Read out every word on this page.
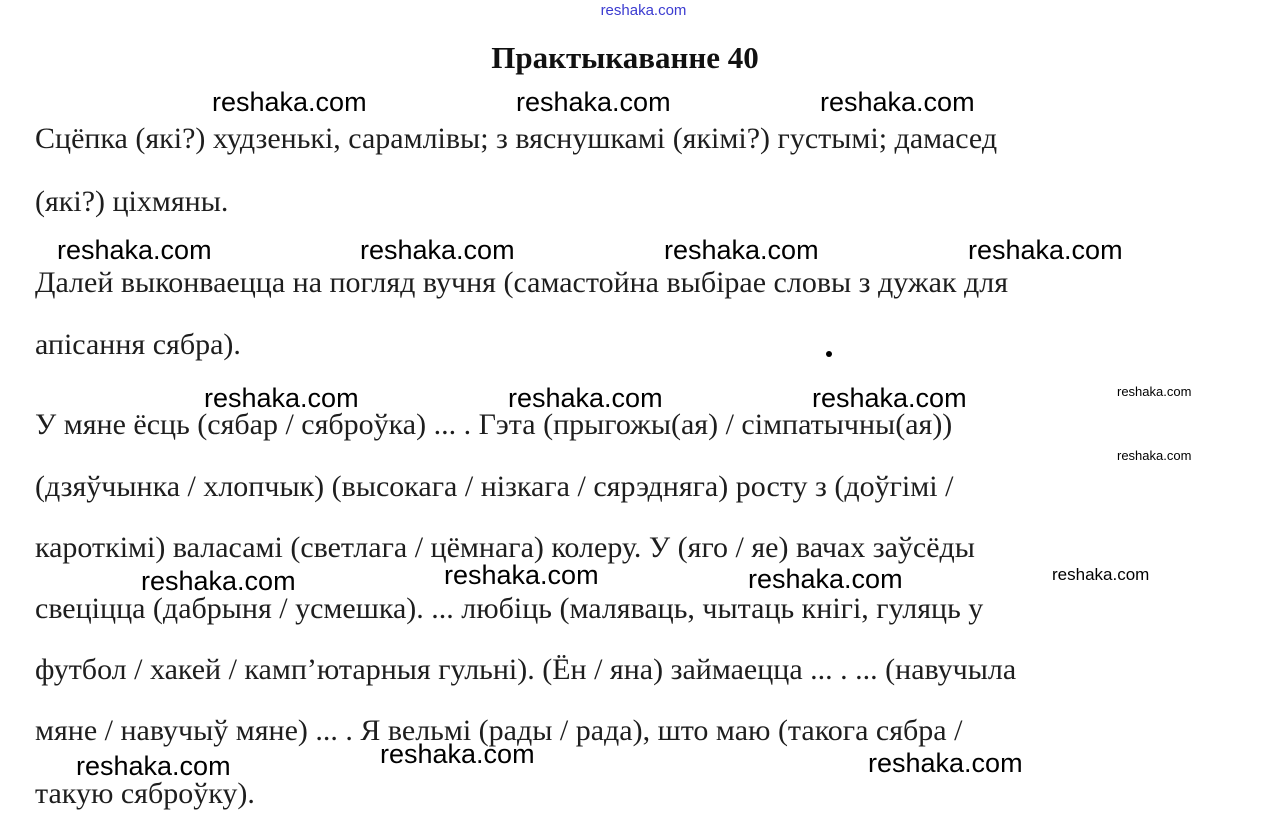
reshaka.com
Практыкаванне 40
Сцёпка (які?) худзенькі, сарамлівы; з вяснушкамі (якімі?) густымі; дамасед
(які?) ціхмяны.
Далей выконваецца на погляд вучня (самастойна выбірае словы з дужак для
апісання сябра).
У мяне ёсць (сябар / сяброўка) ... . Гэта (прыгожы(ая) / сімпатычны(ая))
(дзяўчынка / хлопчык) (высокага / нізкага / сярэдняга) росту з (доўгімі /
кароткімі) валасамі (светлага / цёмнага) колеру. У (яго / яе) вачах заўсёды
свеціцца (дабрыня / усмешка). ... любіць (маляваць, чытаць кнігі, гуляць у
футбол / хакей / камп’ютарныя гульні). (Ён / яна) займаецца ... . ... (навучыла
мяне / навучыў мяне) ... . Я вельмі (рады / рада), што маю (такога сябра /
такую сяброўку).
reshaka.com	reshaka.com	reshaka.com
reshaka.com	reshaka.com	reshaka.com	reshaka.com
reshaka.com	reshaka.com	reshaka.com	reshaka.com
reshaka.com
reshaka.com	reshaka.com	reshaka.com	reshaka.com
reshaka.com	reshaka.com	reshaka.com
